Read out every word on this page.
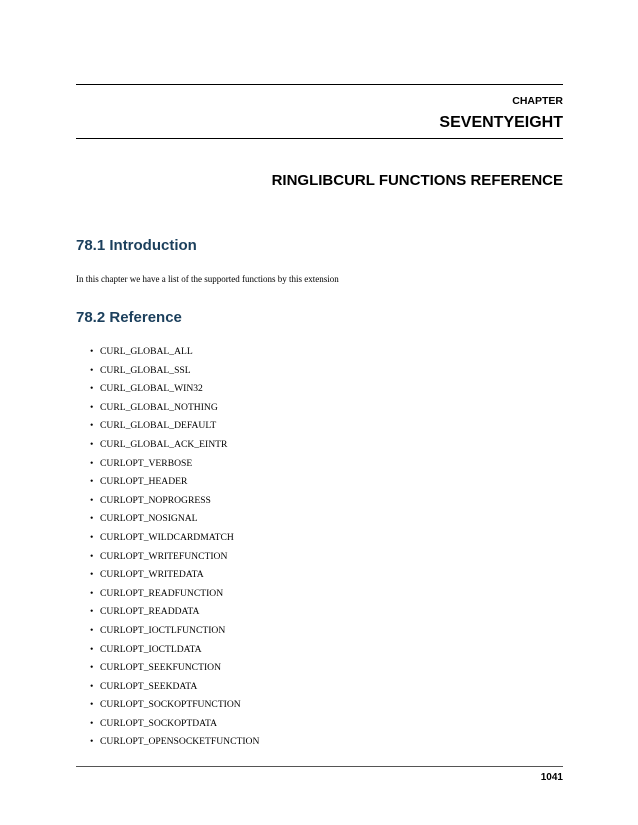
CHAPTER
SEVENTYEIGHT
RINGLIBCURL FUNCTIONS REFERENCE
78.1 Introduction
In this chapter we have a list of the supported functions by this extension
78.2 Reference
• CURL_GLOBAL_ALL
• CURL_GLOBAL_SSL
• CURL_GLOBAL_WIN32
• CURL_GLOBAL_NOTHING
• CURL_GLOBAL_DEFAULT
• CURL_GLOBAL_ACK_EINTR
• CURLOPT_VERBOSE
• CURLOPT_HEADER
• CURLOPT_NOPROGRESS
• CURLOPT_NOSIGNAL
• CURLOPT_WILDCARDMATCH
• CURLOPT_WRITEFUNCTION
• CURLOPT_WRITEDATA
• CURLOPT_READFUNCTION
• CURLOPT_READDATA
• CURLOPT_IOCTLFUNCTION
• CURLOPT_IOCTLDATA
• CURLOPT_SEEKFUNCTION
• CURLOPT_SEEKDATA
• CURLOPT_SOCKOPTFUNCTION
• CURLOPT_SOCKOPTDATA
• CURLOPT_OPENSOCKETFUNCTION
1041
